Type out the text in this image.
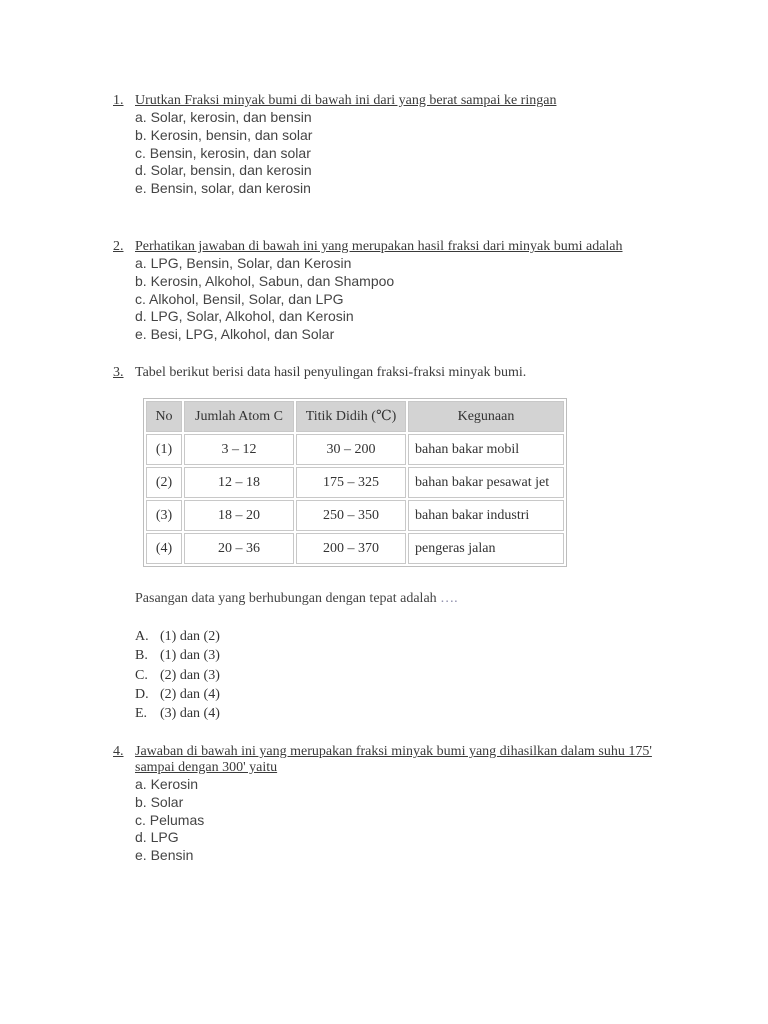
1. Urutkan Fraksi minyak bumi di bawah ini dari yang berat sampai ke ringan
a. Solar, kerosin, dan bensin
b. Kerosin, bensin, dan solar
c. Bensin, kerosin, dan solar
d. Solar, bensin, dan kerosin
e. Bensin, solar, dan kerosin
2. Perhatikan jawaban di bawah ini yang merupakan hasil fraksi dari minyak bumi adalah
a. LPG, Bensin, Solar, dan Kerosin
b. Kerosin, Alkohol, Sabun, dan Shampoo
c. Alkohol, Bensil, Solar, dan LPG
d. LPG, Solar, Alkohol, dan Kerosin
e. Besi, LPG, Alkohol, dan Solar
3. Tabel berikut berisi data hasil penyulingan fraksi-fraksi minyak bumi.
No	Jumlah Atom C	Titik Didih (℃)	Kegunaan
(1)	3 – 12	30 – 200	bahan bakar mobil
(2)	12 – 18	175 – 325	bahan bakar pesawat jet
(3)	18 – 20	250 – 350	bahan bakar industri
(4)	20 – 36	200 – 370	pengeras jalan
Pasangan data yang berhubungan dengan tepat adalah ….
A. (1) dan (2)
B. (1) dan (3)
C. (2) dan (3)
D. (2) dan (4)
E. (3) dan (4)
4. Jawaban di bawah ini yang merupakan fraksi minyak bumi yang dihasilkan dalam suhu 175' sampai dengan 300' yaitu
a. Kerosin
b. Solar
c. Pelumas
d. LPG
e. Bensin
